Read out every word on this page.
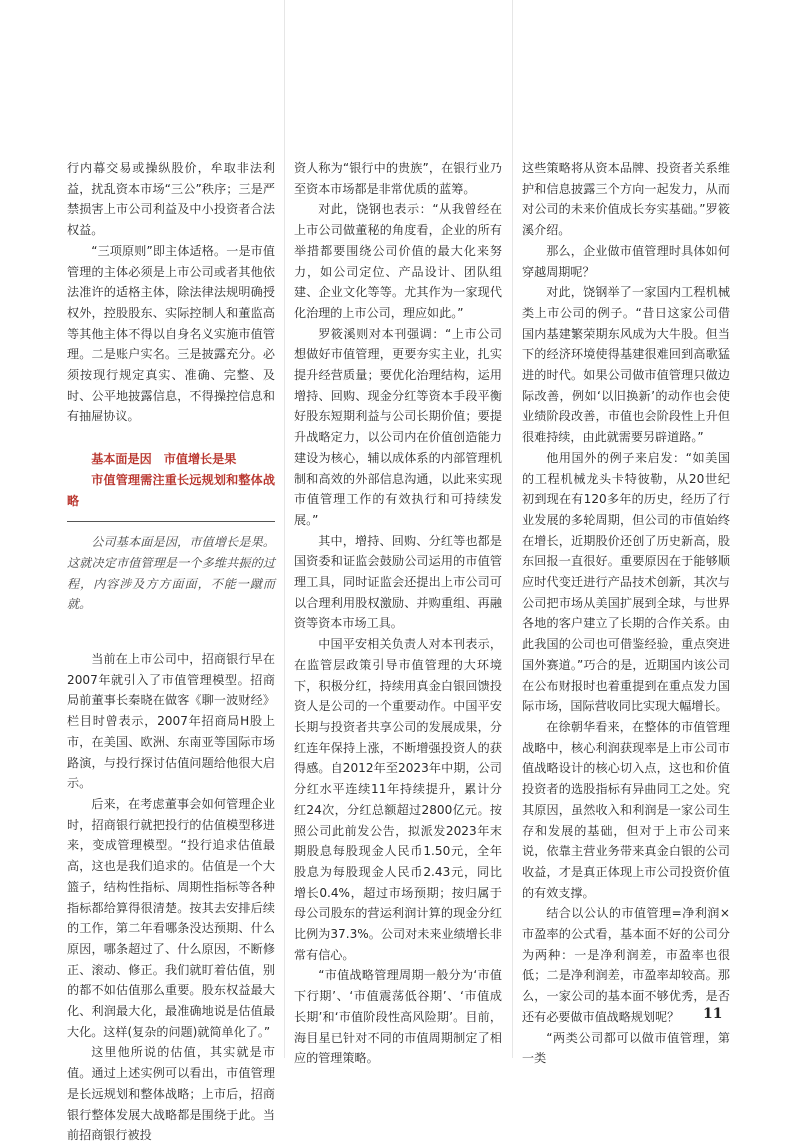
行内幕交易或操纵股价，牟取非法利益，扰乱资本市场“三公”秩序；三是严禁损害上市公司利益及中小投资者合法权益。

“三项原则”即主体适格。一是市值管理的主体必须是上市公司或者其他依法准许的适格主体，除法律法规明确授权外，控股股东、实际控制人和董监高等其他主体不得以自身名义实施市值管理。二是账户实名。三是披露充分。必须按现行规定真实、准确、完整、及时、公平地披露信息，不得操控信息和有抽屉协议。

基本面是因　市值增长是果

市值管理需注重长远规划和整体战略

公司基本面是因，市值增长是果。这就决定市值管理是一个多维共振的过程，内容涉及方方面面，不能一蹴而就。

当前在上市公司中，招商银行早在2007年就引入了市值管理模型。招商局前董事长秦晓在做客《聊一波财经》栏目时曾表示，2007年招商局H股上市，在美国、欧洲、东南亚等国际市场路演，与投行探讨估值问题给他很大启示。

后来，在考虑董事会如何管理企业时，招商银行就把投行的估值模型移进来，变成管理模型。“投行追求估值最高，这也是我们追求的。估值是一个大篮子，结构性指标、周期性指标等各种指标都给算得很清楚。按其去安排后续的工作，第二年看哪条没达预期、什么原因，哪条超过了、什么原因，不断修正、滚动、修正。我们就盯着估值，别的都不如估值那么重要。股东权益最大化、利润最大化，最准确地说是估值最大化。这样(复杂的问题)就简单化了。”

这里他所说的估值，其实就是市值。通过上述实例可以看出，市值管理是长远规划和整体战略；上市后，招商银行整体发展大战略都是围绕于此。当前招商银行被投

资人称为“银行中的贵族”，在银行业乃至资本市场都是非常优质的蓝筹。

对此，饶钢也表示：“从我曾经在上市公司做董秘的角度看，企业的所有举措都要围绕公司价值的最大化来努力，如公司定位、产品设计、团队组建、企业文化等等。尤其作为一家现代化治理的上市公司，理应如此。”

罗筱溪则对本刊强调：“上市公司想做好市值管理，更要夯实主业，扎实提升经营质量；要优化治理结构，运用增持、回购、现金分红等资本手段平衡好股东短期利益与公司长期价值；要提升战略定力，以公司内在价值创造能力建设为核心，辅以成体系的内部管理机制和高效的外部信息沟通，以此来实现市值管理工作的有效执行和可持续发展。”

其中，增持、回购、分红等也都是国资委和证监会鼓励公司运用的市值管理工具，同时证监会还提出上市公司可以合理利用股权激励、并购重组、再融资等资本市场工具。

中国平安相关负责人对本刊表示，在监管层政策引导市值管理的大环境下，积极分红，持续用真金白银回馈投资人是公司的一个重要动作。中国平安长期与投资者共享公司的发展成果，分红连年保持上涨，不断增强投资人的获得感。自2012年至2023年中期，公司分红水平连续11年持续提升，累计分红24次，分红总额超过2800亿元。按照公司此前发公告，拟派发2023年末期股息每股现金人民币1.50元，全年股息为每股现金人民币2.43元，同比增长0.4%，超过市场预期；按归属于母公司股东的营运利润计算的现金分红比例为37.3%。公司对未来业绩增长非常有信心。

“市值战略管理周期一般分为‘市值下行期’、‘市值震荡低谷期’、‘市值成长期’和‘市值阶段性高风险期’。目前，海目星已针对不同的市值周期制定了相应的管理策略。

这些策略将从资本品牌、投资者关系维护和信息披露三个方向一起发力，从而对公司的未来价值成长夯实基础。”罗筱溪介绍。

那么，企业做市值管理时具体如何穿越周期呢？

对此，饶钢举了一家国内工程机械类上市公司的例子。“昔日这家公司借国内基建繁荣期东风成为大牛股。但当下的经济环境使得基建很难回到高歌猛进的时代。如果公司做市值管理只做边际改善，例如‘以旧换新’的动作也会使业绩阶段改善，市值也会阶段性上升但很难持续，由此就需要另辟道路。”

他用国外的例子来启发：“如美国的工程机械龙头卡特彼勒，从20世纪初到现在有120多年的历史，经历了行业发展的多轮周期，但公司的市值始终在增长，近期股价还创了历史新高，股东回报一直很好。重要原因在于能够顺应时代变迁进行产品技术创新，其次与公司把市场从美国扩展到全球，与世界各地的客户建立了长期的合作关系。由此我国的公司也可借鉴经验，重点突进国外赛道。”巧合的是，近期国内该公司在公布财报时也着重提到在重点发力国际市场，国际营收同比实现大幅增长。

在徐朝华看来，在整体的市值管理战略中，核心利润获现率是上市公司市值战略设计的核心切入点，这也和价值投资者的选股指标有异曲同工之处。究其原因，虽然收入和利润是一家公司生存和发展的基础，但对于上市公司来说，依靠主营业务带来真金白银的公司收益，才是真正体现上市公司投资价值的有效支撑。

结合以公认的市值管理=净利润×市盈率的公式看，基本面不好的公司分为两种：一是净利润差，市盈率也很低；二是净利润差，市盈率却较高。那么，一家公司的基本面不够优秀，是否还有必要做市值战略规划呢？

“两类公司都可以做市值管理，第一类

11
